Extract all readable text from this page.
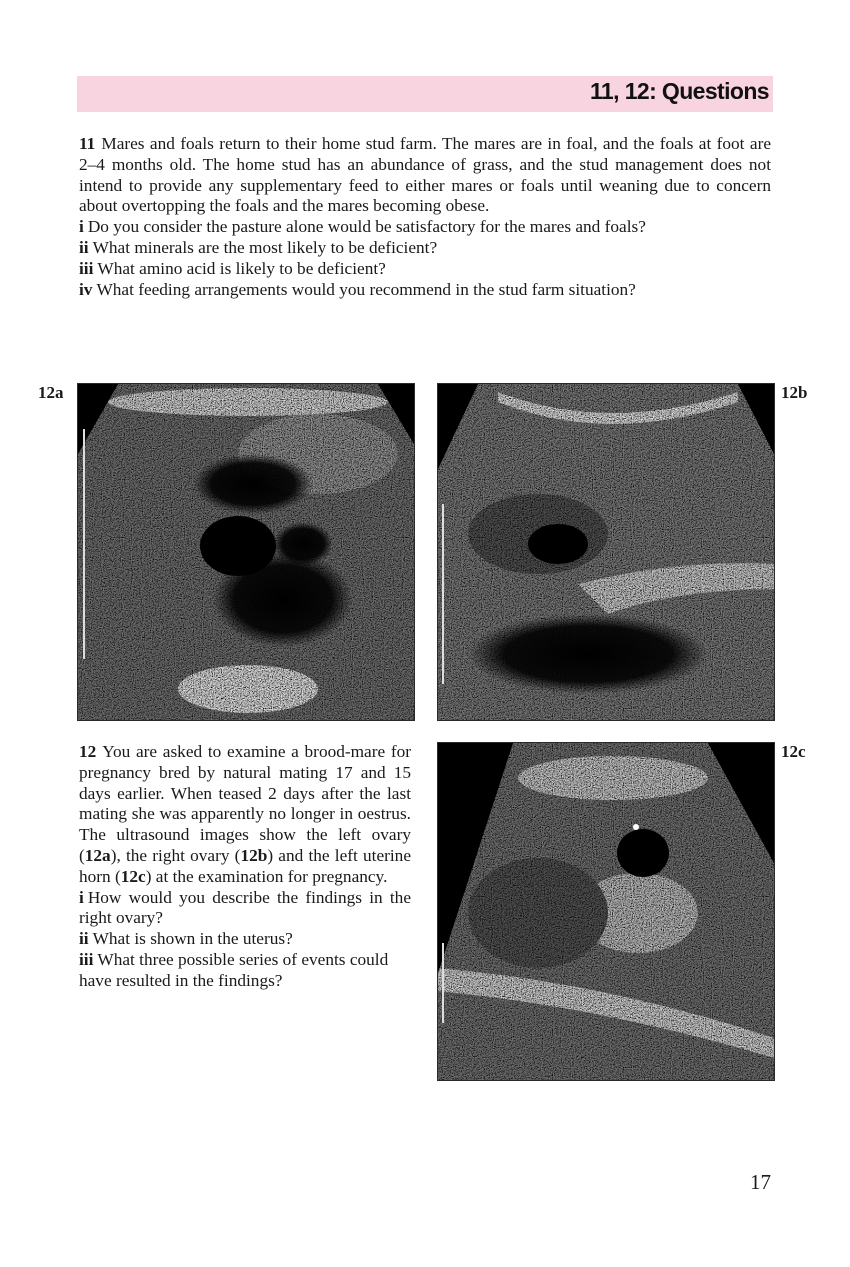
11, 12: Questions

11 Mares and foals return to their home stud farm. The mares are in foal, and the foals at foot are 2–4 months old. The home stud has an abundance of grass, and the stud management does not intend to provide any supplementary feed to either mares or foals until weaning due to concern about overtopping the foals and the mares becoming obese.

i Do you consider the pasture alone would be satisfactory for the mares and foals?

ii What minerals are the most likely to be deficient?

iii What amino acid is likely to be deficient?

iv What feeding arrangements would you recommend in the stud farm situation?

12a	12b

12 You are asked to examine a brood-mare for pregnancy bred by natural mating 17 and 15 days earlier. When teased 2 days after the last mating she was apparently no longer in oestrus. The ultrasound images show the left ovary (12a), the right ovary (12b) and the left uterine horn (12c) at the examination for pregnancy.

i How would you describe the findings in the right ovary?

ii What is shown in the uterus?

iii What three possible series of events could have resulted in the findings?

12c
17
